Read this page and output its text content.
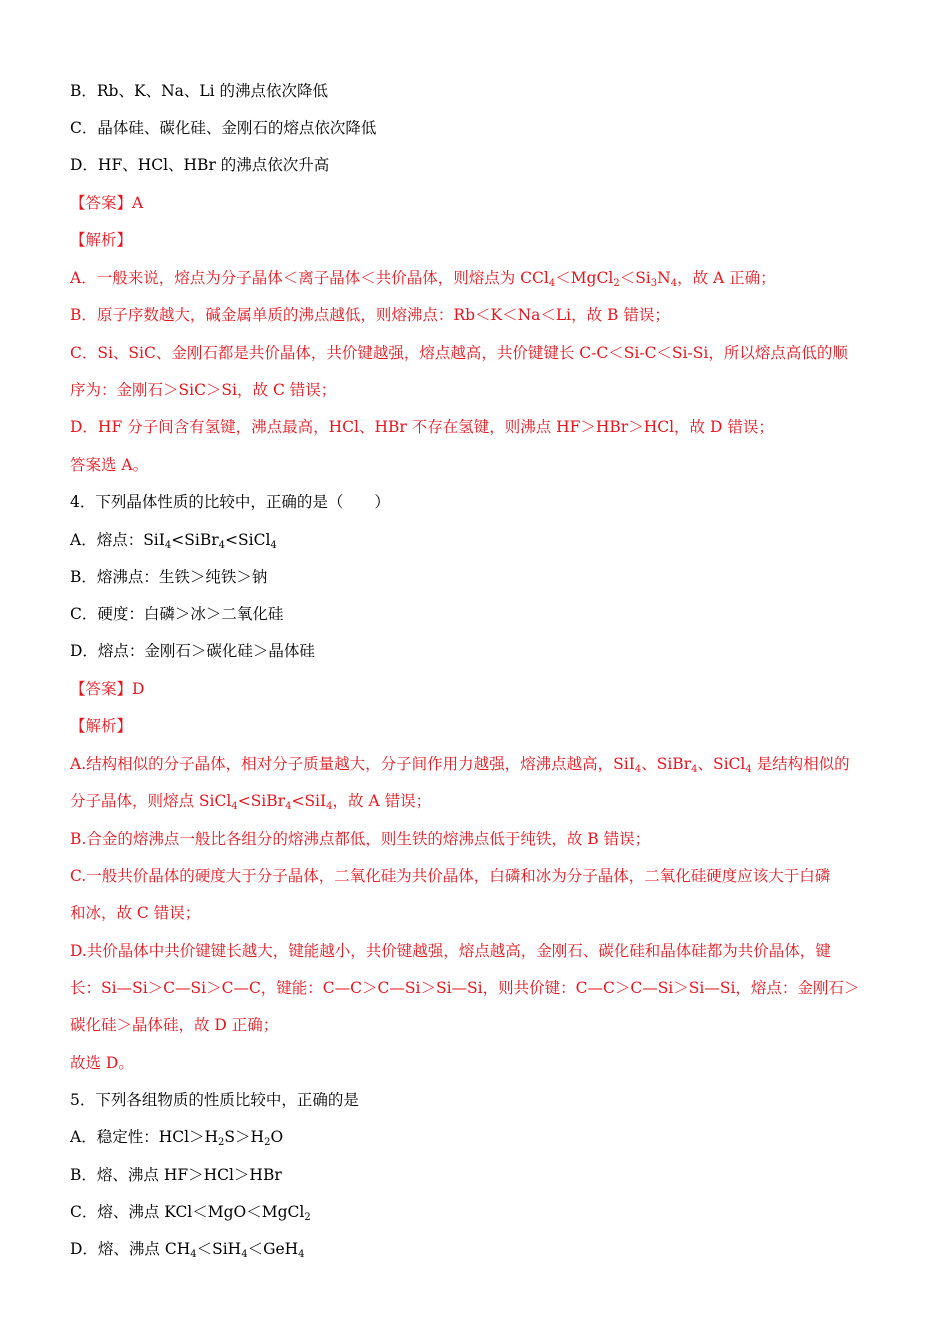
B．Rb、K、Na、Li 的沸点依次降低
C．晶体硅、碳化硅、金刚石的熔点依次降低
D．HF、HCl、HBr 的沸点依次升高
【答案】A
【解析】
A．一般来说，熔点为分子晶体＜离子晶体＜共价晶体，则熔点为 $CCl_4<MgCl_2<Si_3N_4$，故 A 正确；
B．原子序数越大，碱金属单质的沸点越低，则熔沸点：Rb＜K＜Na＜Li，故 B 错误；
C．Si、SiC、金刚石都是共价晶体，共价键越强，熔点越高，共价键键长 C-C＜Si-C＜Si-Si，所以熔点高低的顺
序为：金刚石＞SiC＞Si，故 C 错误；
D．HF 分子间含有氢键，沸点最高，HCl、HBr 不存在氢键，则沸点 HF＞HBr＞HCl，故 D 错误；
答案选 A。
4．下列晶体性质的比较中，正确的是（　　）
A．熔点：SiI$_4$<SiBr$_4$<SiCl$_4$
B．熔沸点：生铁＞纯铁＞钠
C．硬度：白磷＞冰＞二氧化硅
D．熔点：金刚石＞碳化硅＞晶体硅
【答案】D
【解析】
A.结构相似的分子晶体，相对分子质量越大，分子间作用力越强，熔沸点越高，SiI$_4$、SiBr$_4$、SiCl$_4$ 是结构相似的
分子晶体，则熔点 SiCl$_4$<SiBr$_4$<SiI$_4$，故 A 错误；
B.合金的熔沸点一般比各组分的熔沸点都低，则生铁的熔沸点低于纯铁，故 B 错误；
C.一般共价晶体的硬度大于分子晶体，二氧化硅为共价晶体，白磷和冰为分子晶体，二氧化硅硬度应该大于白磷
和冰，故 C 错误；
D.共价晶体中共价键键长越大，键能越小，共价键越强，熔点越高，金刚石、碳化硅和晶体硅都为共价晶体，键
长：Si—Si＞C—Si＞C—C，键能：C—C＞C—Si＞Si—Si，则共价键：C—C＞C—Si＞Si—Si，熔点：金刚石＞
碳化硅＞晶体硅，故 D 正确；
故选 D。
5．下列各组物质的性质比较中，正确的是
A．稳定性：$HCl>H_2S>H_2O$
B．熔、沸点 HF＞HCl＞HBr
C．熔、沸点 KCl＜MgO＜MgCl$_2$
D．熔、沸点 $CH_4<SiH_4<GeH_4$
